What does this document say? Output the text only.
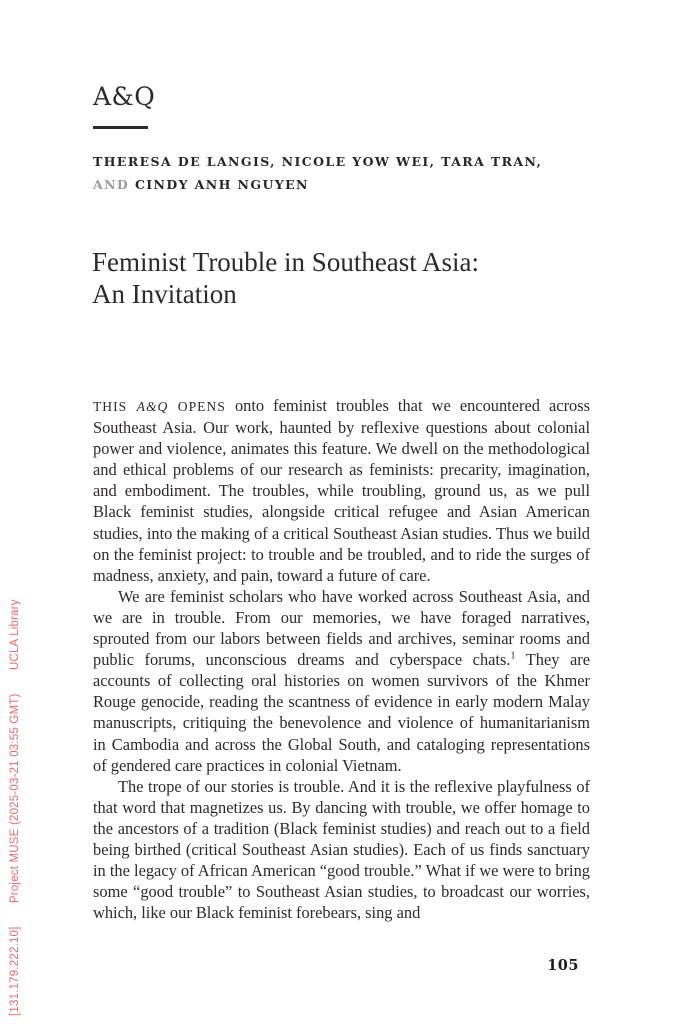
[131.179.222.10] Project MUSE (2025-03-21 03:55 GMT) UCLA Library
A&Q
THERESA DE LANGIS, NICOLE YOW WEI, TARA TRAN,
AND CINDY ANH NGUYEN
Feminist Trouble in Southeast Asia:
An Invitation

THIS A&Q OPENS onto feminist troubles that we encountered across Southeast Asia. Our work, haunted by reflexive questions about colonial power and violence, animates this feature. We dwell on the methodological and ethical problems of our research as feminists: precarity, imagination, and embodiment. The troubles, while troubling, ground us, as we pull Black feminist studies, alongside critical refugee and Asian American studies, into the making of a critical Southeast Asian studies. Thus we build on the feminist project: to trouble and be troubled, and to ride the surges of madness, anxiety, and pain, toward a future of care.

We are feminist scholars who have worked across Southeast Asia, and we are in trouble. From our memories, we have foraged narratives, sprouted from our labors between fields and archives, seminar rooms and public forums, unconscious dreams and cyberspace chats.$^1$ They are accounts of collecting oral histories on women survivors of the Khmer Rouge genocide, reading the scantness of evidence in early modern Malay manuscripts, critiquing the benevolence and violence of humanitarianism in Cambodia and across the Global South, and cataloging representations of gendered care practices in colonial Vietnam.

The trope of our stories is trouble. And it is the reflexive playfulness of that word that magnetizes us. By dancing with trouble, we offer homage to the ancestors of a tradition (Black feminist studies) and reach out to a field being birthed (critical Southeast Asian studies). Each of us finds sanctuary in the legacy of African American “good trouble.” What if we were to bring some “good trouble” to Southeast Asian studies, to broadcast our worries, which, like our Black feminist forebears, sing and

105
